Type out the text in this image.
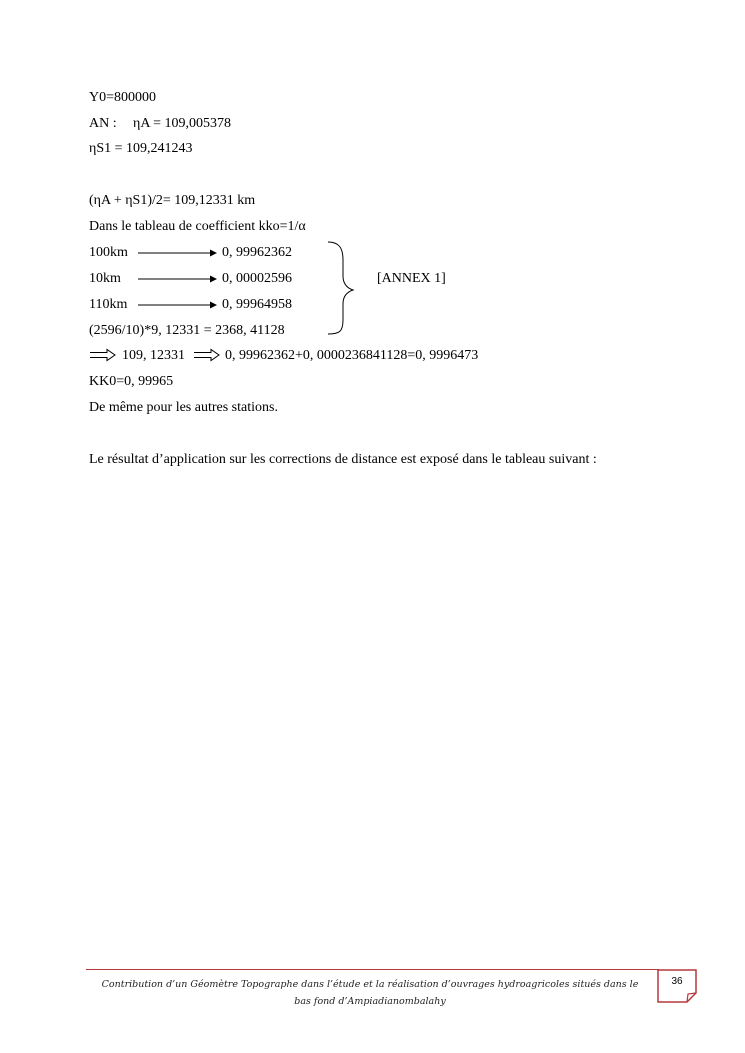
Y0=800000
AN : ηA = 109,005378
ηS1 = 109,241243
(ηA + ηS1)/2= 109,12331 km
Dans le tableau de coefficient kko=1/α
100km	0, 99962362
10km	0, 00002596	[ANNEX 1]
110km	0, 99964958
(2596/10)*9, 12331 = 2368, 41128
109, 12331	0, 99962362+0, 0000236841128=0, 9996473
KK0=0, 99965
De même pour les autres stations.
Le résultat d’application sur les corrections de distance est exposé dans le tableau suivant :
Contribution d’un Géomètre Topographe dans l’étude et la réalisation d’ouvrages hydroagricoles situés dans le bas fond d’Ampiadianombalahy
36
